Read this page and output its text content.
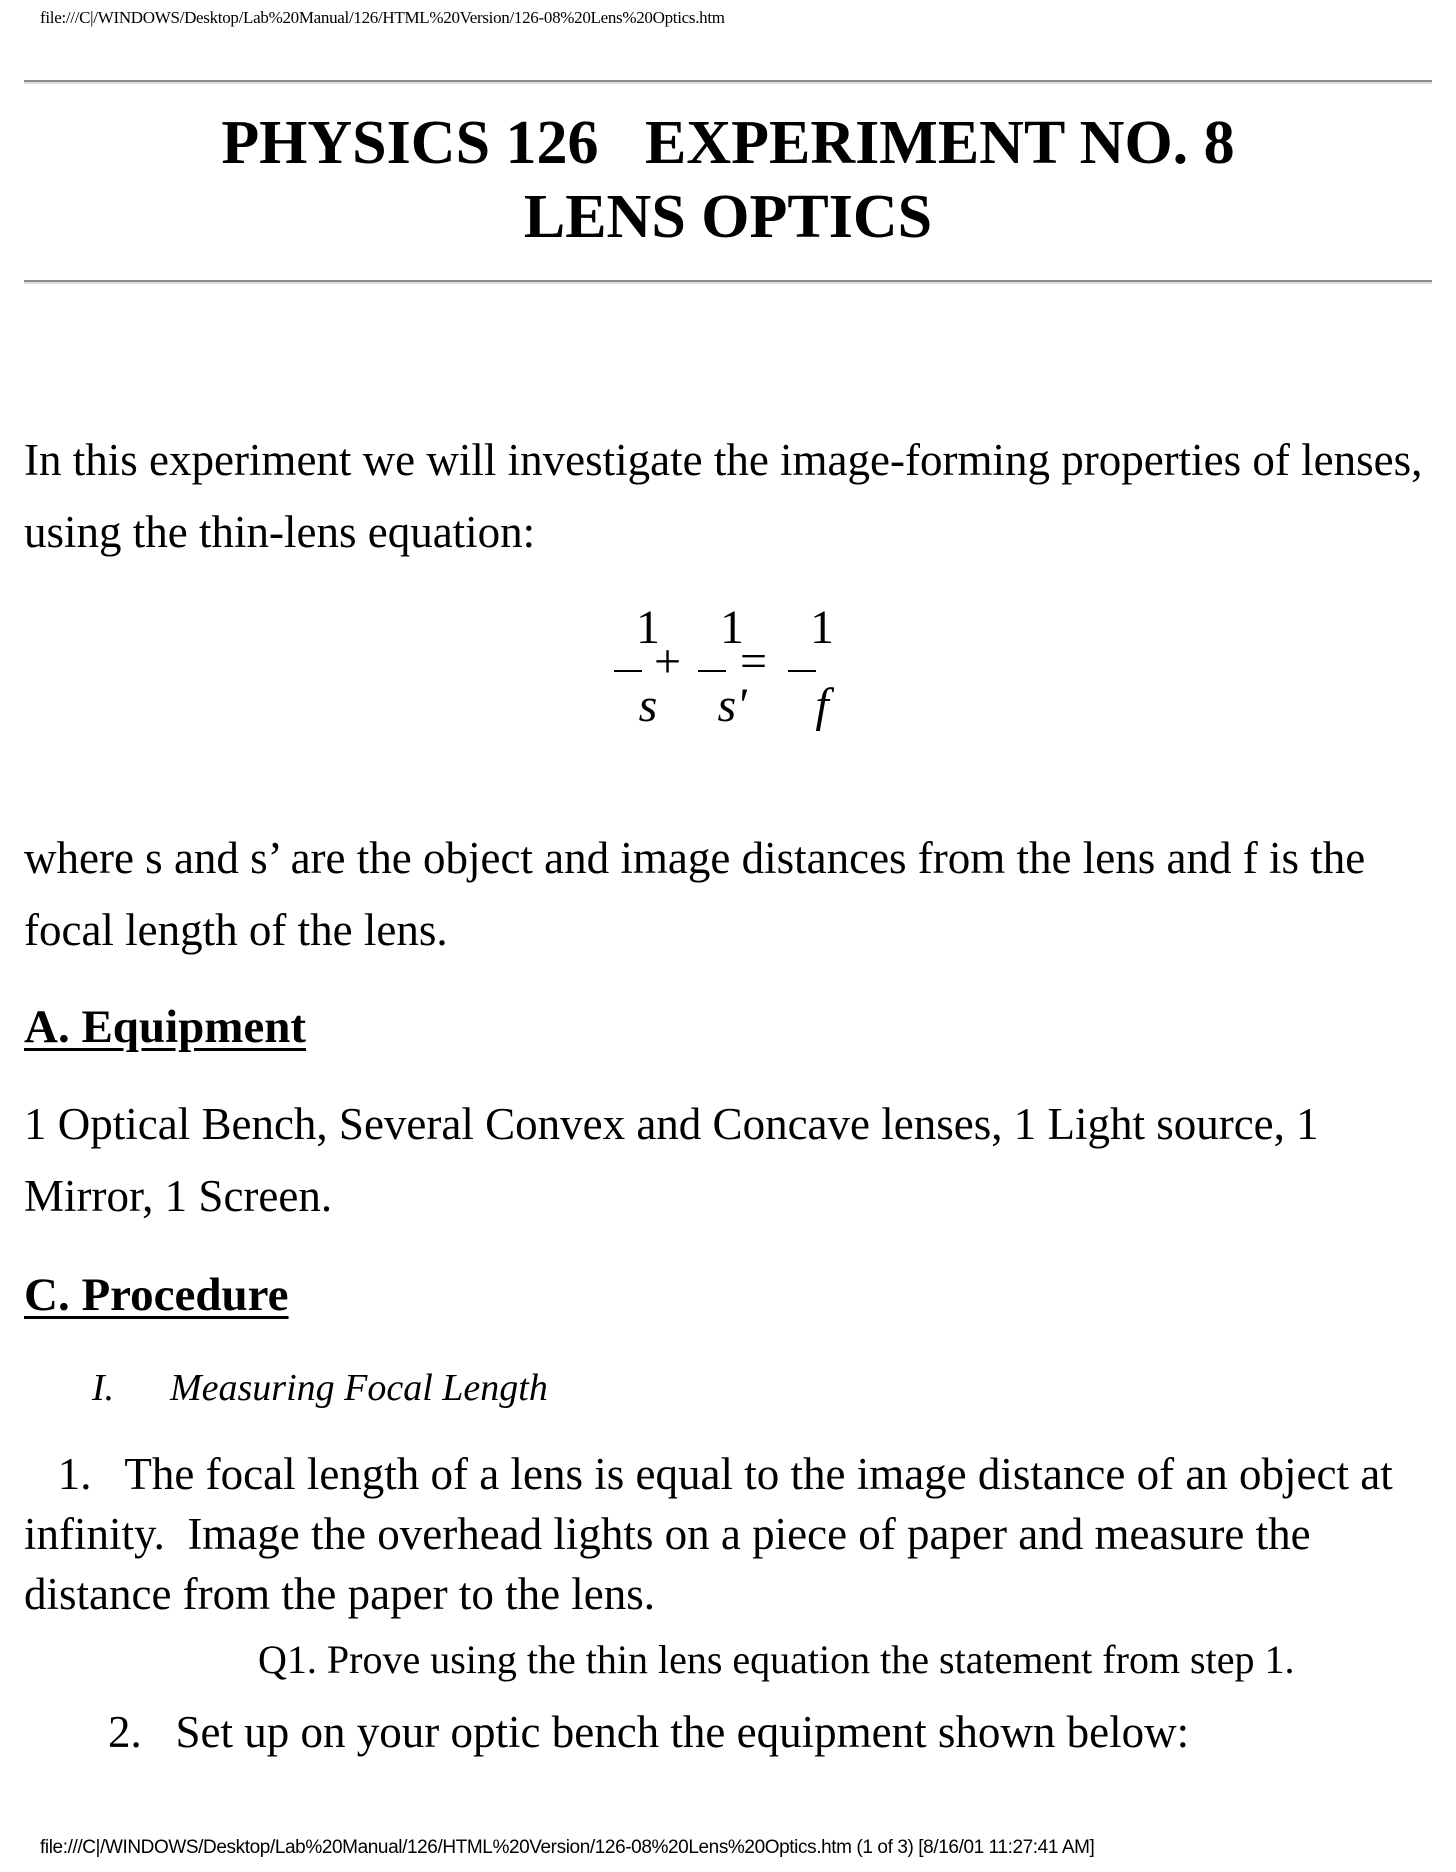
file:///C|/WINDOWS/Desktop/Lab%20Manual/126/HTML%20Version/126-08%20Lens%20Optics.htm
PHYSICS 126   EXPERIMENT NO. 8
LENS OPTICS
In this experiment we will investigate the image-forming properties of lenses, using the thin-lens equation:
1
s
+
1
s'
=
1
f
where s and s’ are the object and image distances from the lens and f is the focal length of the lens.
A. Equipment
1 Optical Bench, Several Convex and Concave lenses, 1 Light source, 1 Mirror, 1 Screen.
C. Procedure
I. Measuring Focal Length
1.   The focal length of a lens is equal to the image distance of an object at infinity.  Image the overhead lights on a piece of paper and measure the distance from the paper to the lens.
Q1. Prove using the thin lens equation the statement from step 1.
2.   Set up on your optic bench the equipment shown below:
file:///C|/WINDOWS/Desktop/Lab%20Manual/126/HTML%20Version/126-08%20Lens%20Optics.htm (1 of 3) [8/16/01 11:27:41 AM]
